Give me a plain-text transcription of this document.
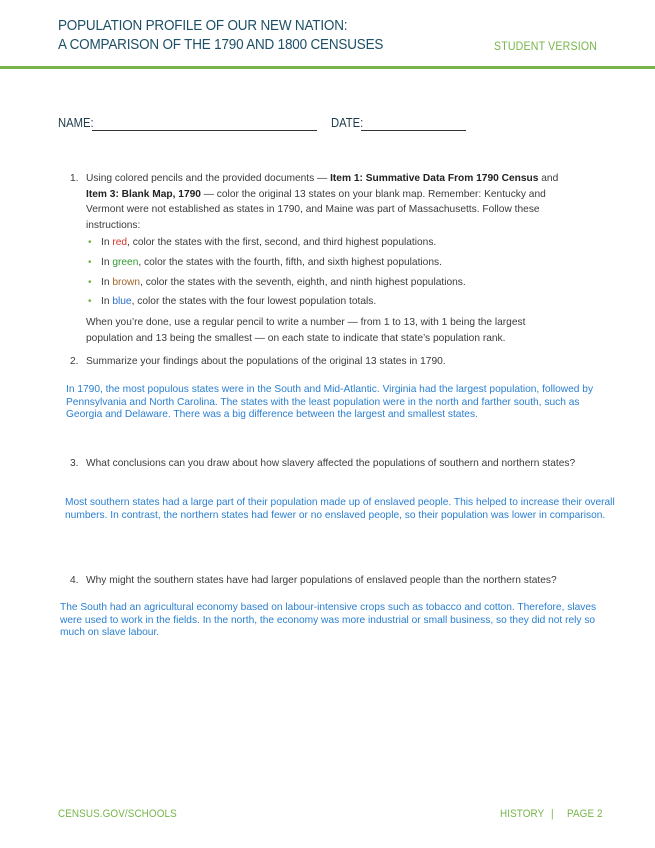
POPULATION PROFILE OF OUR NEW NATION:
A COMPARISON OF THE 1790 AND 1800 CENSUSES	STUDENT VERSION
NAME:	DATE:
1. Using colored pencils and the provided documents — Item 1: Summative Data From 1790 Census and Item 3: Blank Map, 1790 — color the original 13 states on your blank map. Remember: Kentucky and Vermont were not established as states in 1790, and Maine was part of Massachusetts. Follow these instructions:
• In red, color the states with the first, second, and third highest populations.
• In green, color the states with the fourth, fifth, and sixth highest populations.
• In brown, color the states with the seventh, eighth, and ninth highest populations.
• In blue, color the states with the four lowest population totals.
When you’re done, use a regular pencil to write a number — from 1 to 13, with 1 being the largest population and 13 being the smallest — on each state to indicate that state’s population rank.
2. Summarize your findings about the populations of the original 13 states in 1790.
In 1790, the most populous states were in the South and Mid-Atlantic. Virginia had the largest population, followed by Pennsylvania and North Carolina. The states with the least population were in the north and farther south, such as Georgia and Delaware. There was a big difference between the largest and smallest states.
3. What conclusions can you draw about how slavery affected the populations of southern and northern states?
Most southern states had a large part of their population made up of enslaved people. This helped to increase their overall numbers. In contrast, the northern states had fewer or no enslaved people, so their population was lower in comparison.
4. Why might the southern states have had larger populations of enslaved people than the northern states?
The South had an agricultural economy based on labour-intensive crops such as tobacco and cotton. Therefore, slaves were used to work in the fields. In the north, the economy was more industrial or small business, so they did not rely so much on slave labour.
CENSUS.GOV/SCHOOLS	HISTORY | PAGE 2
